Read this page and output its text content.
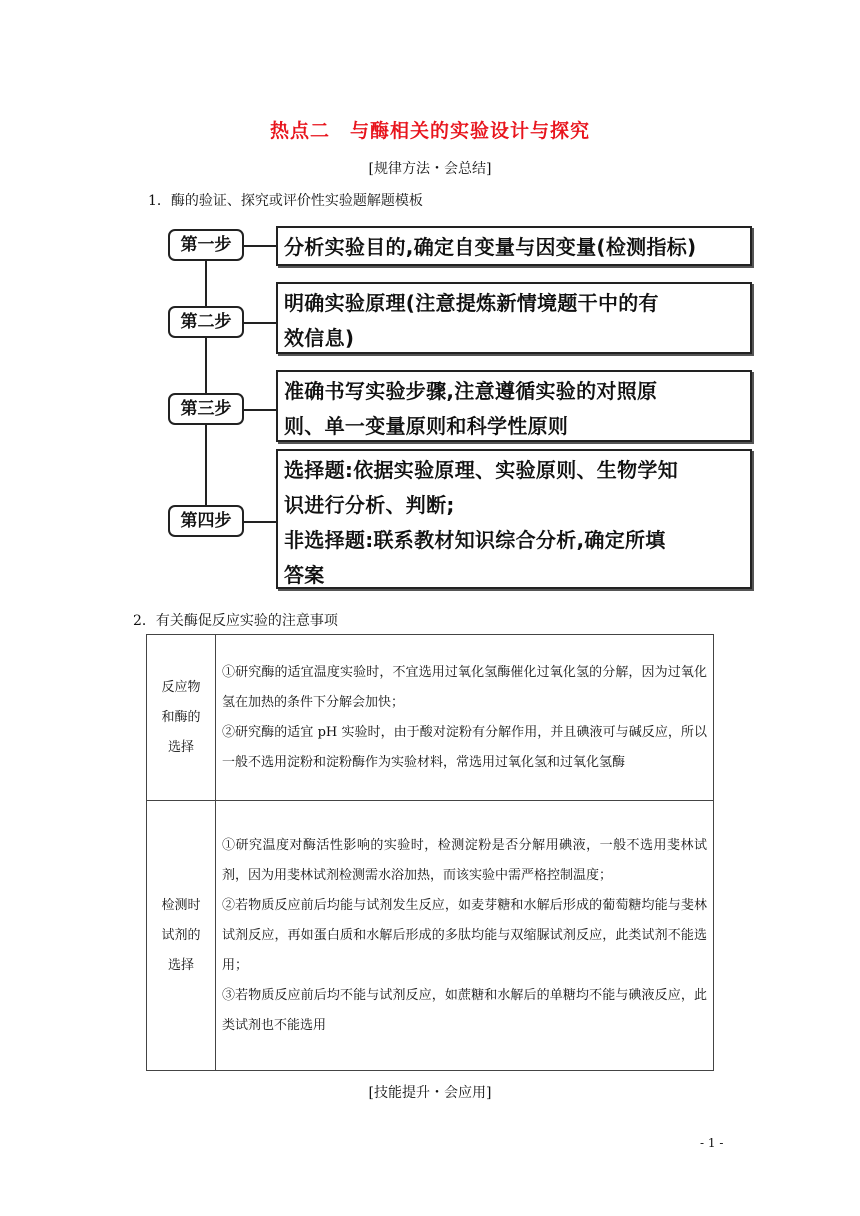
热点二　与酶相关的实验设计与探究
[规律方法・会总结]
1．酶的验证、探究或评价性实验题解题模板
第一步	分析实验目的,确定自变量与因变量(检测指标)
第二步
明确实验原理(注意提炼新情境题干中的有
效信息)
第三步
准确书写实验步骤,注意遵循实验的对照原
则、单一变量原则和科学性原则
第四步
选择题:依据实验原理、实验原则、生物学知
识进行分析、判断;
非选择题:联系教材知识综合分析,确定所填
答案
2．有关酶促反应实验的注意事项
反应物
和酶的
选择	①研究酶的适宜温度实验时，不宜选用过氧化氢酶催化过氧化氢的分解，因为过氧化氢在加热的条件下分解会加快；
②研究酶的适宜 pH 实验时，由于酸对淀粉有分解作用，并且碘液可与碱反应，所以一般不选用淀粉和淀粉酶作为实验材料，常选用过氧化氢和过氧化氢酶

检测时
试剂的
选择	①研究温度对酶活性影响的实验时，检测淀粉是否分解用碘液，一般不选用斐林试剂，因为用斐林试剂检测需水浴加热，而该实验中需严格控制温度；
②若物质反应前后均能与试剂发生反应，如麦芽糖和水解后形成的葡萄糖均能与斐林试剂反应，再如蛋白质和水解后形成的多肽均能与双缩脲试剂反应，此类试剂不能选用；
③若物质反应前后均不能与试剂反应，如蔗糖和水解后的单糖均不能与碘液反应，此类试剂也不能选用
[技能提升・会应用]
- 1 -
